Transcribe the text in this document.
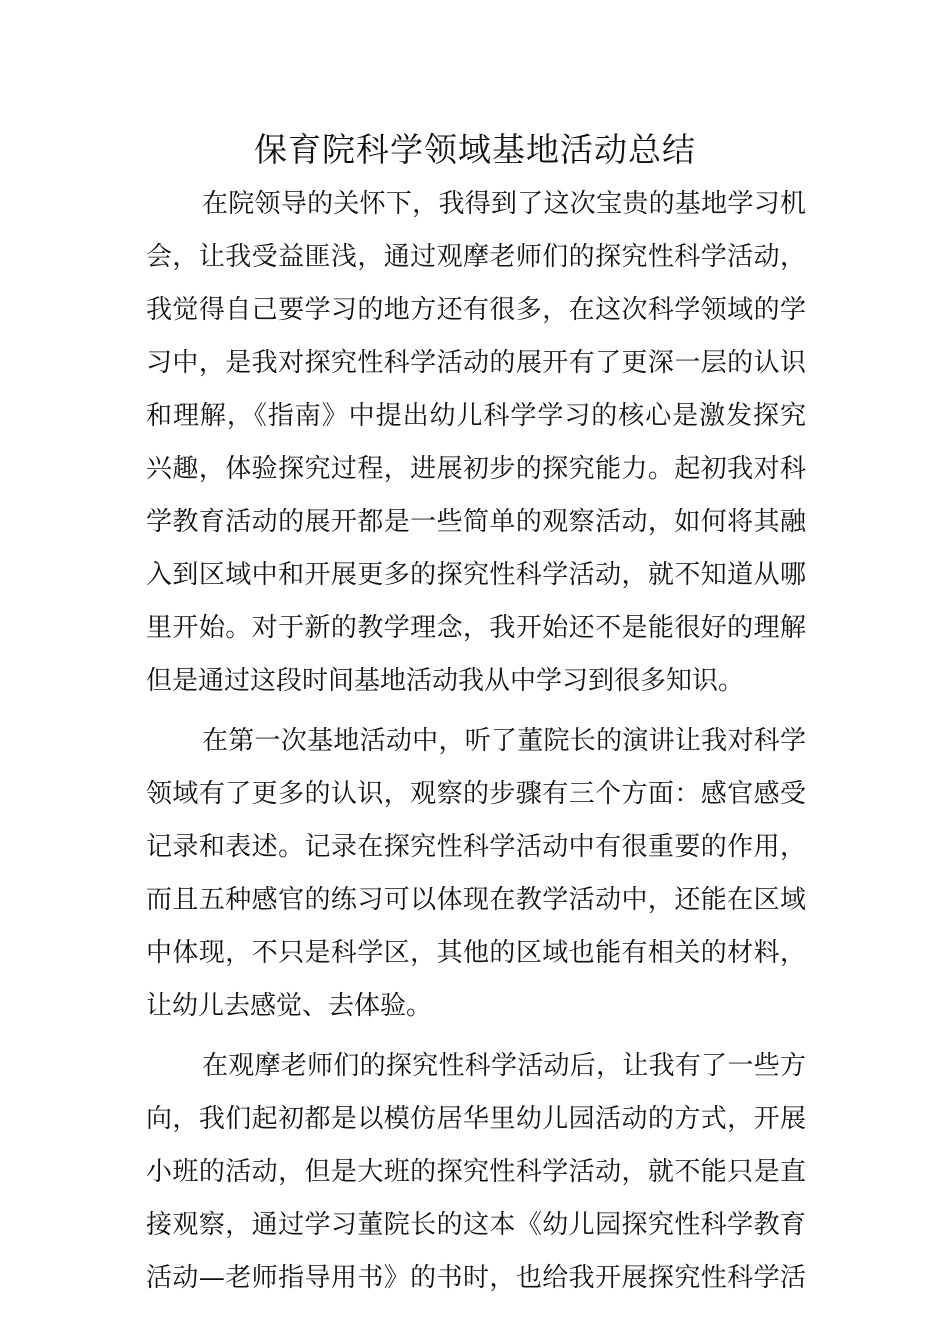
保育院科学领域基地活动总结
在院领导的关怀下，我得到了这次宝贵的基地学习机
会，让我受益匪浅，通过观摩老师们的探究性科学活动，
我觉得自己要学习的地方还有很多，在这次科学领域的学
习中，是我对探究性科学活动的展开有了更深一层的认识
和理解，《指南》中提出幼儿科学学习的核心是激发探究
兴趣，体验探究过程，进展初步的探究能力。起初我对科
学教育活动的展开都是一些简单的观察活动，如何将其融
入到区域中和开展更多的探究性科学活动，就不知道从哪
里开始。对于新的教学理念，我开始还不是能很好的理解
但是通过这段时间基地活动我从中学习到很多知识。
在第一次基地活动中，听了董院长的演讲让我对科学
领域有了更多的认识，观察的步骤有三个方面：感官感受
记录和表述。记录在探究性科学活动中有很重要的作用，
而且五种感官的练习可以体现在教学活动中，还能在区域
中体现，不只是科学区，其他的区域也能有相关的材料，
让幼儿去感觉、去体验。
在观摩老师们的探究性科学活动后，让我有了一些方
向，我们起初都是以模仿居华里幼儿园活动的方式，开展
小班的活动，但是大班的探究性科学活动，就不能只是直
接观察，通过学习董院长的这本《幼儿园探究性科学教育
活动—老师指导用书》的书时，也给我开展探究性科学活
